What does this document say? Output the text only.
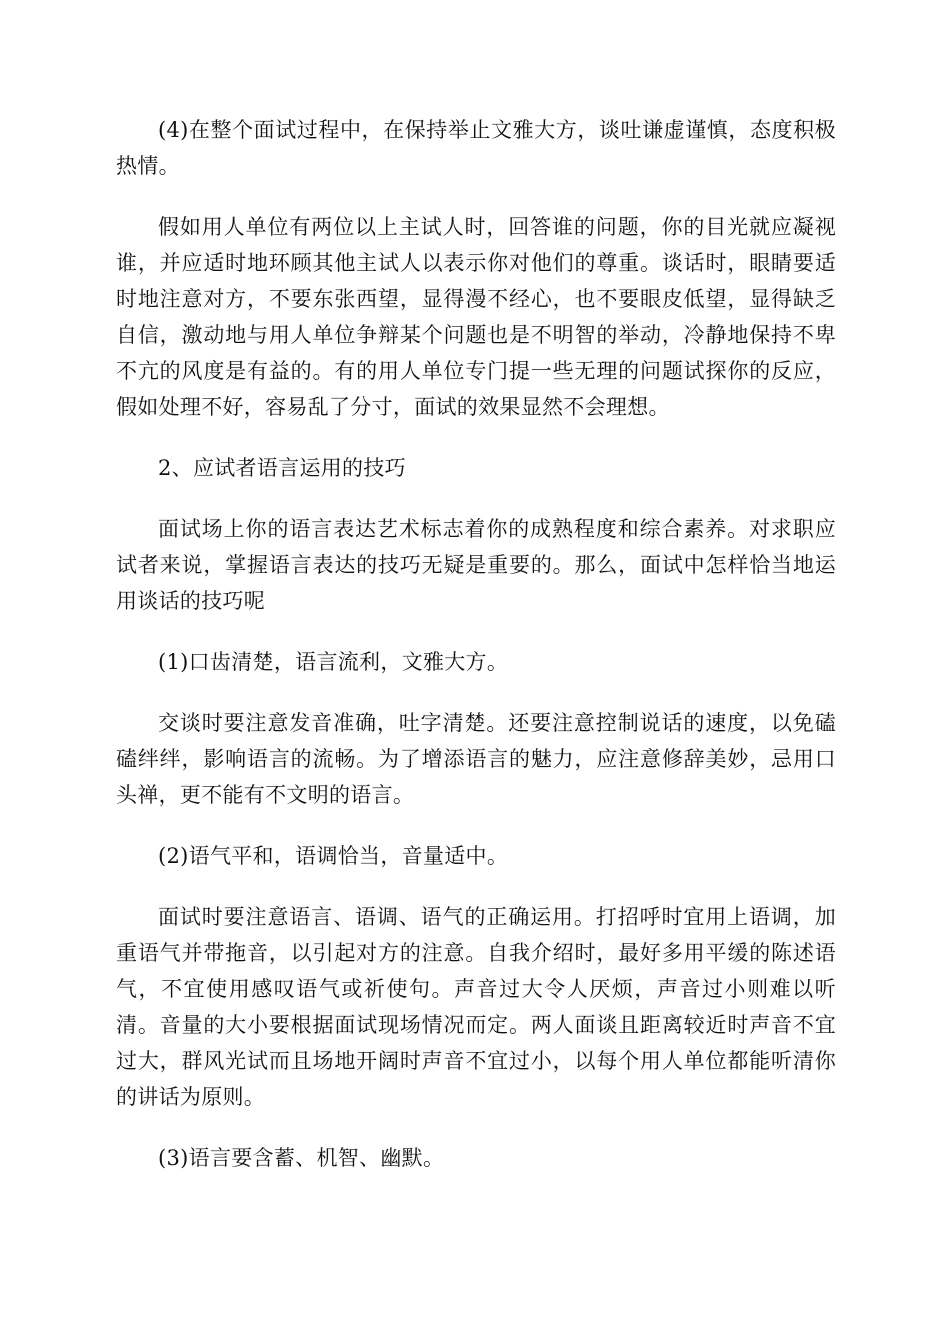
(4)在整个面试过程中，在保持举止文雅大方，谈吐谦虚谨慎，态度积极热情。

假如用人单位有两位以上主试人时，回答谁的问题，你的目光就应凝视谁，并应适时地环顾其他主试人以表示你对他们的尊重。谈话时，眼睛要适时地注意对方，不要东张西望，显得漫不经心，也不要眼皮低望，显得缺乏自信，激动地与用人单位争辩某个问题也是不明智的举动，冷静地保持不卑不亢的风度是有益的。有的用人单位专门提一些无理的问题试探你的反应，假如处理不好，容易乱了分寸，面试的效果显然不会理想。

2、应试者语言运用的技巧

面试场上你的语言表达艺术标志着你的成熟程度和综合素养。对求职应试者来说，掌握语言表达的技巧无疑是重要的。那么，面试中怎样恰当地运用谈话的技巧呢

(1)口齿清楚，语言流利，文雅大方。

交谈时要注意发音准确，吐字清楚。还要注意控制说话的速度，以免磕磕绊绊，影响语言的流畅。为了增添语言的魅力，应注意修辞美妙，忌用口头禅，更不能有不文明的语言。

(2)语气平和，语调恰当，音量适中。

面试时要注意语言、语调、语气的正确运用。打招呼时宜用上语调，加重语气并带拖音，以引起对方的注意。自我介绍时，最好多用平缓的陈述语气，不宜使用感叹语气或祈使句。声音过大令人厌烦，声音过小则难以听清。音量的大小要根据面试现场情况而定。两人面谈且距离较近时声音不宜过大，群风光试而且场地开阔时声音不宜过小，以每个用人单位都能听清你的讲话为原则。

(3)语言要含蓄、机智、幽默。
